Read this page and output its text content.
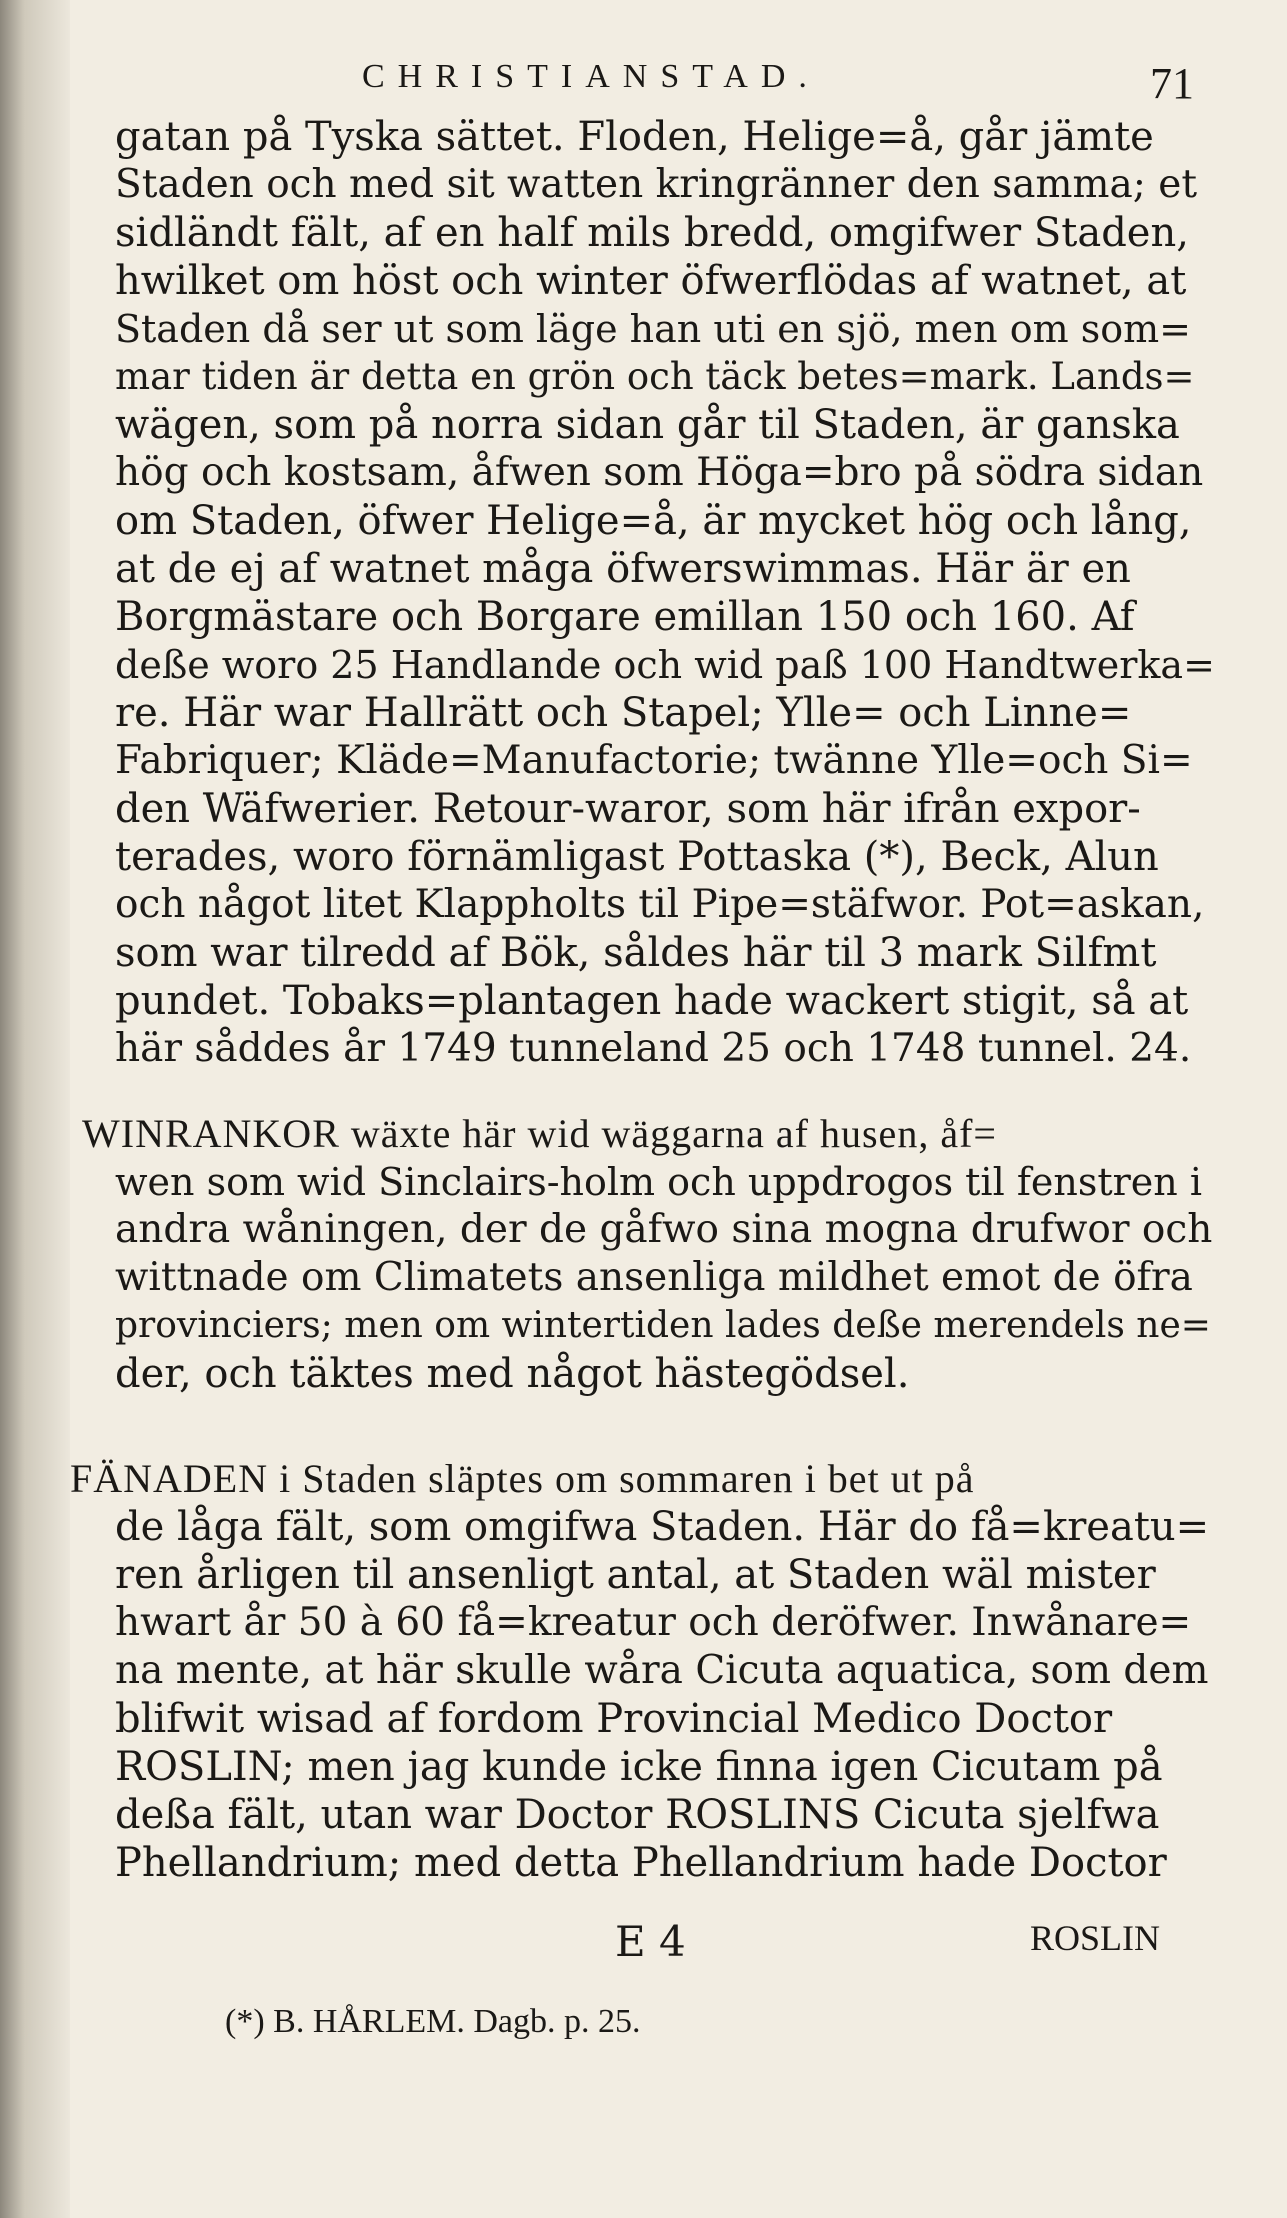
CHRISTIANSTAD.	71
gatan på Tyska sättet. Floden, Helige=å, går jämte
Staden och med sit watten kringränner den samma; et
sidländt fält, af en half mils bredd, omgifwer Staden,
hwilket om höst och winter öfwerflödas af watnet, at
Staden då ser ut som läge han uti en sjö, men om som=
mar tiden är detta en grön och täck betes=mark. Lands=
wägen, som på norra sidan går til Staden, är ganska
hög och kostsam, åfwen som Höga=bro på södra sidan
om Staden, öfwer Helige=å, är mycket hög och lång,
at de ej af watnet måga öfwerswimmas. Här är en
Borgmästare och Borgare emillan 150 och 160. Af
deße woro 25 Handlande och wid paß 100 Handtwerka=
re. Här war Hallrätt och Stapel; Ylle= och Linne=
Fabriquer; Kläde=Manufactorie; twänne Ylle=och Si=
den Wäfwerier. Retour-waror, som här ifrån expor-
terades, woro förnämligast Pottaska (*), Beck, Alun
och något litet Klappholts til Pipe=stäfwor. Pot=askan,
som war tilredd af Bök, såldes här til 3 mark Silfmt
pundet. Tobaks=plantagen hade wackert stigit, så at
här såddes år 1749 tunneland 25 och 1748 tunnel. 24.
WINRANKOR wäxte här wid wäggarna af husen, åf=
wen som wid Sinclairs-holm och uppdrogos til fenstren i
andra wåningen, der de gåfwo sina mogna drufwor och
wittnade om Climatets ansenliga mildhet emot de öfra
provinciers; men om wintertiden lades deße merendels ne=
der, och täktes med något hästegödsel.
FÄNADEN i Staden släptes om sommaren i bet ut på
de låga fält, som omgifwa Staden. Här do få=kreatu=
ren årligen til ansenligt antal, at Staden wäl mister
hwart år 50 à 60 få=kreatur och deröfwer. Inwånare=
na mente, at här skulle wåra Cicuta aquatica, som dem
blifwit wisad af fordom Provincial Medico Doctor
ROSLIN; men jag kunde icke finna igen Cicutam på
deßa fält, utan war Doctor ROSLINS Cicuta sjelfwa
Phellandrium; med detta Phellandrium hade Doctor
E 4	ROSLIN
(*) B. HÅRLEM. Dagb. p. 25.
